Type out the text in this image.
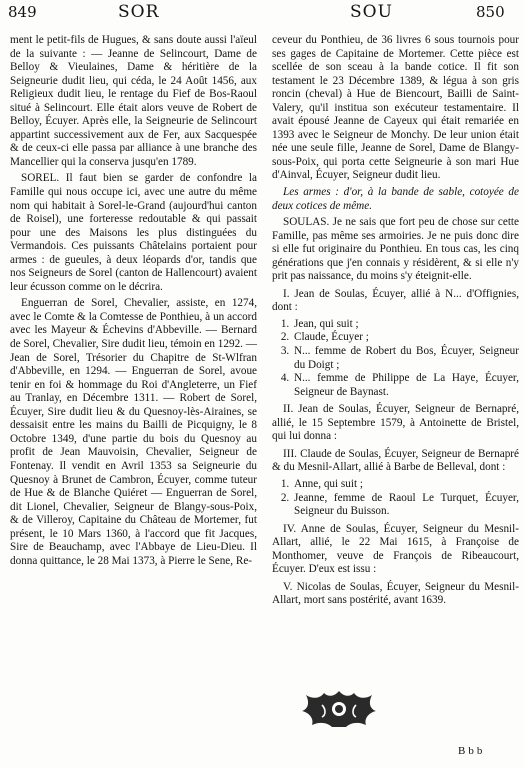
849	SOR	SOU	850

ment le petit-fils de Hugues, & sans doute aussi l'aïeul de la suivante : — Jeanne de Selincourt, Dame de Belloy & Vieulaines, Dame & héritière de la Seigneurie dudit lieu, qui céda, le 24 Août 1456, aux Religieux dudit lieu, le rentage du Fief de Bos-Raoul situé à Selincourt. Elle était alors veuve de Robert de Belloy, Écuyer. Après elle, la Seigneurie de Selincourt appartint successivement aux de Fer, aux Sacquespée & de ceux-ci elle passa par alliance à une branche des Mancellier qui la conserva jusqu'en 1789.

SOREL. Il faut bien se garder de confondre la Famille qui nous occupe ici, avec une autre du même nom qui habitait à Sorel-le-Grand (aujourd'hui canton de Roisel), une forteresse redoutable & qui passait pour une des Maisons les plus distinguées du Vermandois. Ces puissants Châtelains portaient pour armes : de gueules, à deux léopards d'or, tandis que nos Seigneurs de Sorel (canton de Hallencourt) avaient leur écusson comme on le décrira.

Enguerran de Sorel, Chevalier, assiste, en 1274, avec le Comte & la Comtesse de Ponthieu, à un accord avec les Mayeur & Échevins d'Abbeville. — Bernard de Sorel, Chevalier, Sire dudit lieu, témoin en 1292. — Jean de Sorel, Trésorier du Chapitre de St-Wlfran d'Abbeville, en 1294. — Enguerran de Sorel, avoue tenir en foi & hommage du Roi d'Angleterre, un Fief au Tranlay, en Décembre 1311. — Robert de Sorel, Écuyer, Sire dudit lieu & du Quesnoy-lès-Airaines, se dessaisit entre les mains du Bailli de Picquigny, le 8 Octobre 1349, d'une partie du bois du Quesnoy au profit de Jean Mauvoisin, Chevalier, Seigneur de Fontenay. Il vendit en Avril 1353 sa Seigneurie du Quesnoy à Brunet de Cambron, Écuyer, comme tuteur de Hue & de Blanche Quiéret — Enguerran de Sorel, dit Lionel, Chevalier, Seigneur de Blangy-sous-Poix, & de Villeroy, Capitaine du Château de Mortemer, fut présent, le 10 Mars 1360, à l'accord que fit Jacques, Sire de Beauchamp, avec l'Abbaye de Lieu-Dieu. Il donna quittance, le 28 Mai 1373, à Pierre le Sene, Re-

ceveur du Ponthieu, de 36 livres 6 sous tournois pour ses gages de Capitaine de Mortemer. Cette pièce est scellée de son sceau à la bande cotice. Il fit son testament le 23 Décembre 1389, & légua à son gris roncin (cheval) à Hue de Biencourt, Bailli de Saint-Valery, qu'il institua son exécuteur testamentaire. Il avait épousé Jeanne de Cayeux qui était remariée en 1393 avec le Seigneur de Monchy. De leur union était née une seule fille, Jeanne de Sorel, Dame de Blangy-sous-Poix, qui porta cette Seigneurie à son mari Hue d'Ainval, Écuyer, Seigneur dudit lieu.

Les armes : d'or, à la bande de sable, cotoyée de deux cotices de même.

SOULAS. Je ne sais que fort peu de chose sur cette Famille, pas même ses armoiries. Je ne puis donc dire si elle fut originaire du Ponthieu. En tous cas, les cinq générations que j'en connais y résidèrent, & si elle n'y prit pas naissance, du moins s'y éteignit-elle.

I. Jean de Soulas, Écuyer, allié à N... d'Offignies, dont :

1. Jean, qui suit ;
2. Claude, Écuyer ;
3. N... femme de Robert du Bos, Écuyer, Seigneur du Doigt ;
4. N... femme de Philippe de La Haye, Écuyer, Seigneur de Baynast.

II. Jean de Soulas, Écuyer, Seigneur de Bernapré, allié, le 15 Septembre 1579, à Antoinette de Bristel, qui lui donna :

III. Claude de Soulas, Écuyer, Seigneur de Bernapré & du Mesnil-Allart, allié à Barbe de Belleval, dont :

1. Anne, qui suit ;
2. Jeanne, femme de Raoul Le Turquet, Écuyer, Seigneur du Buisson.

IV. Anne de Soulas, Écuyer, Seigneur du Mesnil-Allart, allié, le 22 Mai 1615, à Françoise de Monthomer, veuve de François de Ribeaucourt, Écuyer. D'eux est issu :

V. Nicolas de Soulas, Écuyer, Seigneur du Mesnil-Allart, mort sans postérité, avant 1639.

Bbb
